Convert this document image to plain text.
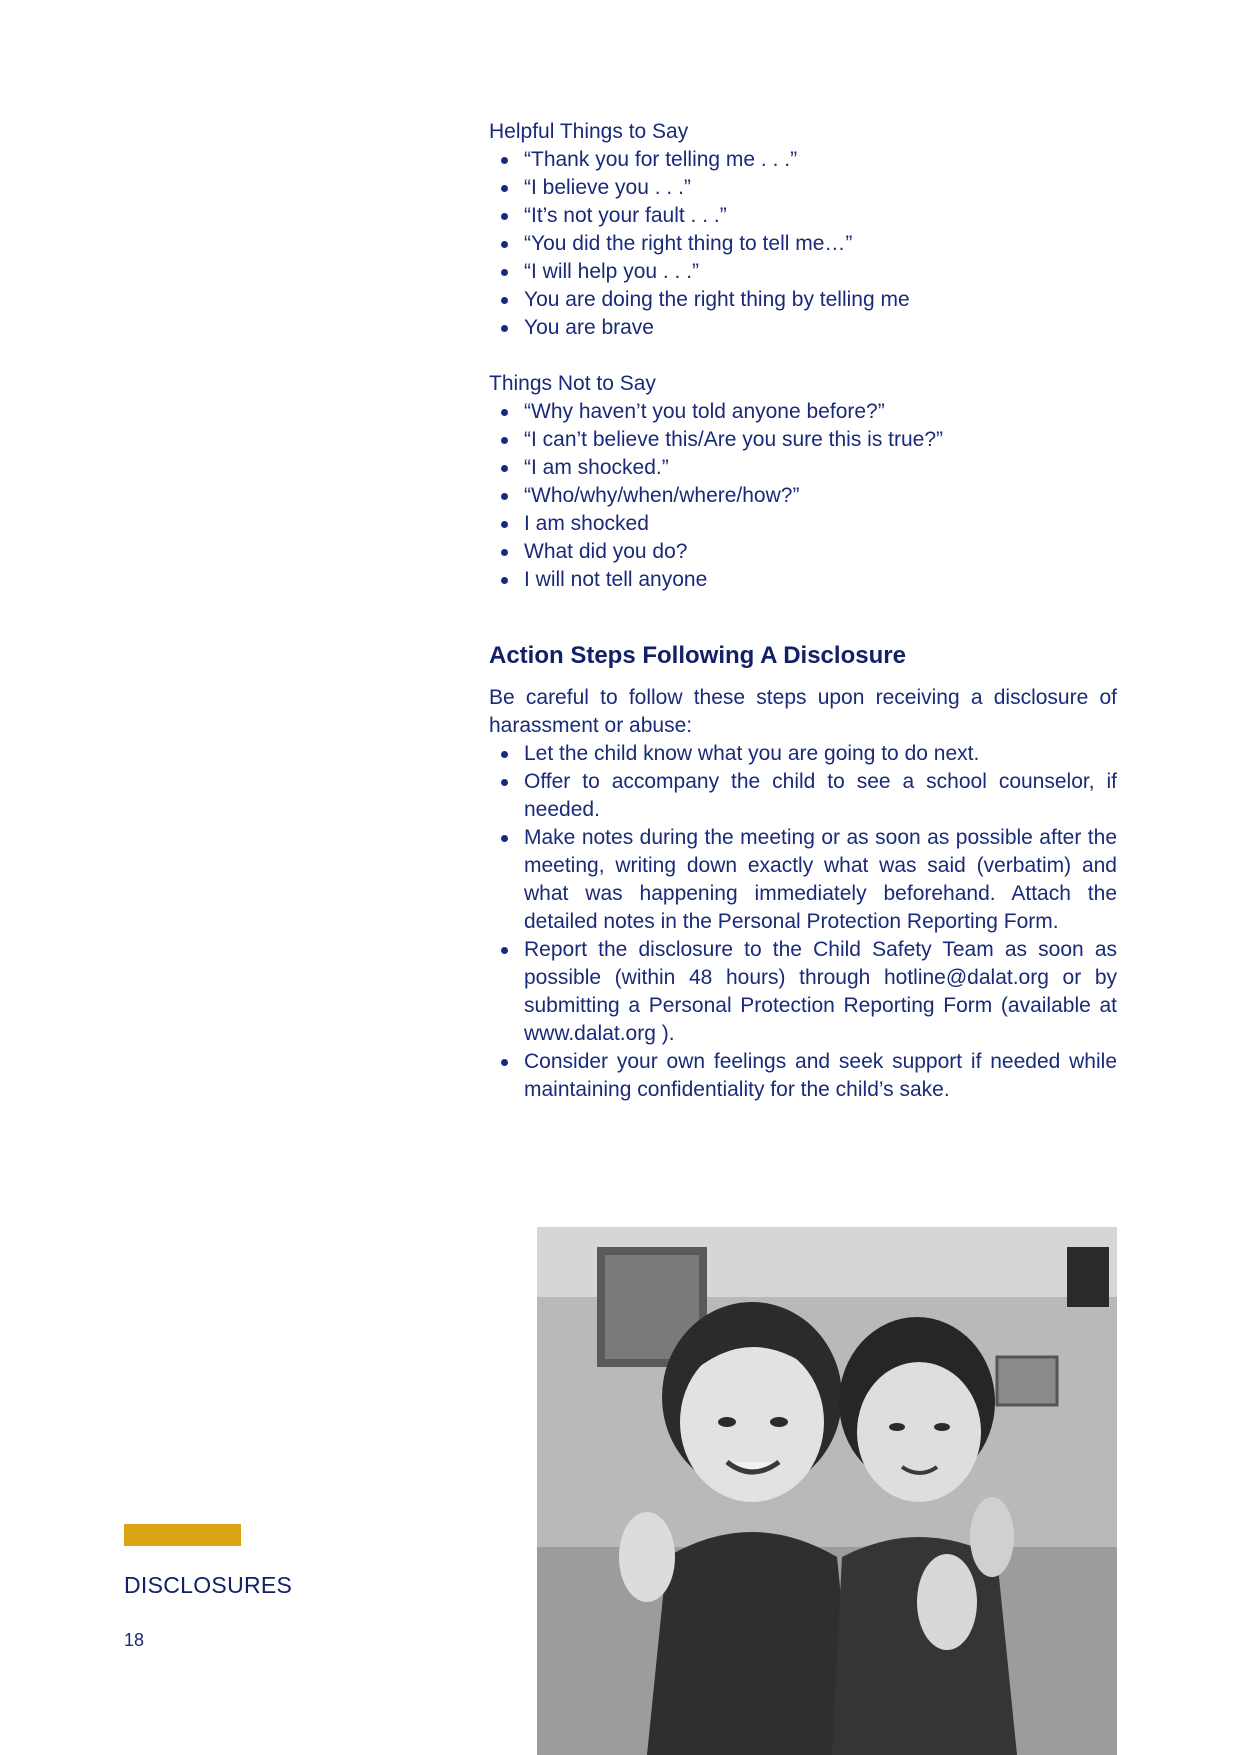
Helpful Things to Say

“Thank you for telling me . . .”
“I believe you . . .”
“It’s not your fault . . .”
“You did the right thing to tell me…”
“I will help you . . .”
You are doing the right thing by telling me
You are brave

Things Not to Say

“Why haven’t you told anyone before?”
“I can’t believe this/Are you sure this is true?”
“I am shocked.”
“Who/why/when/where/how?”
I am shocked
What did you do?
I will not tell anyone
Action Steps Following A Disclosure

Be careful to follow these steps upon receiving a disclosure of harassment or abuse:

Let the child know what you are going to do next.
Offer to accompany the child to see a school counselor, if needed.
Make notes during the meeting or as soon as possible after the meeting, writing down exactly what was said (verbatim) and what was happening immediately beforehand. Attach the detailed notes in the Personal Protection Reporting Form.
Report the disclosure to the Child Safety Team as soon as possible (within 48 hours) through hotline@dalat.org or by submitting a Personal Protection Reporting Form (available at www.dalat.org ).
Consider your own feelings and seek support if needed while maintaining confidentiality for the child’s sake.
DISCLOSURES
18
